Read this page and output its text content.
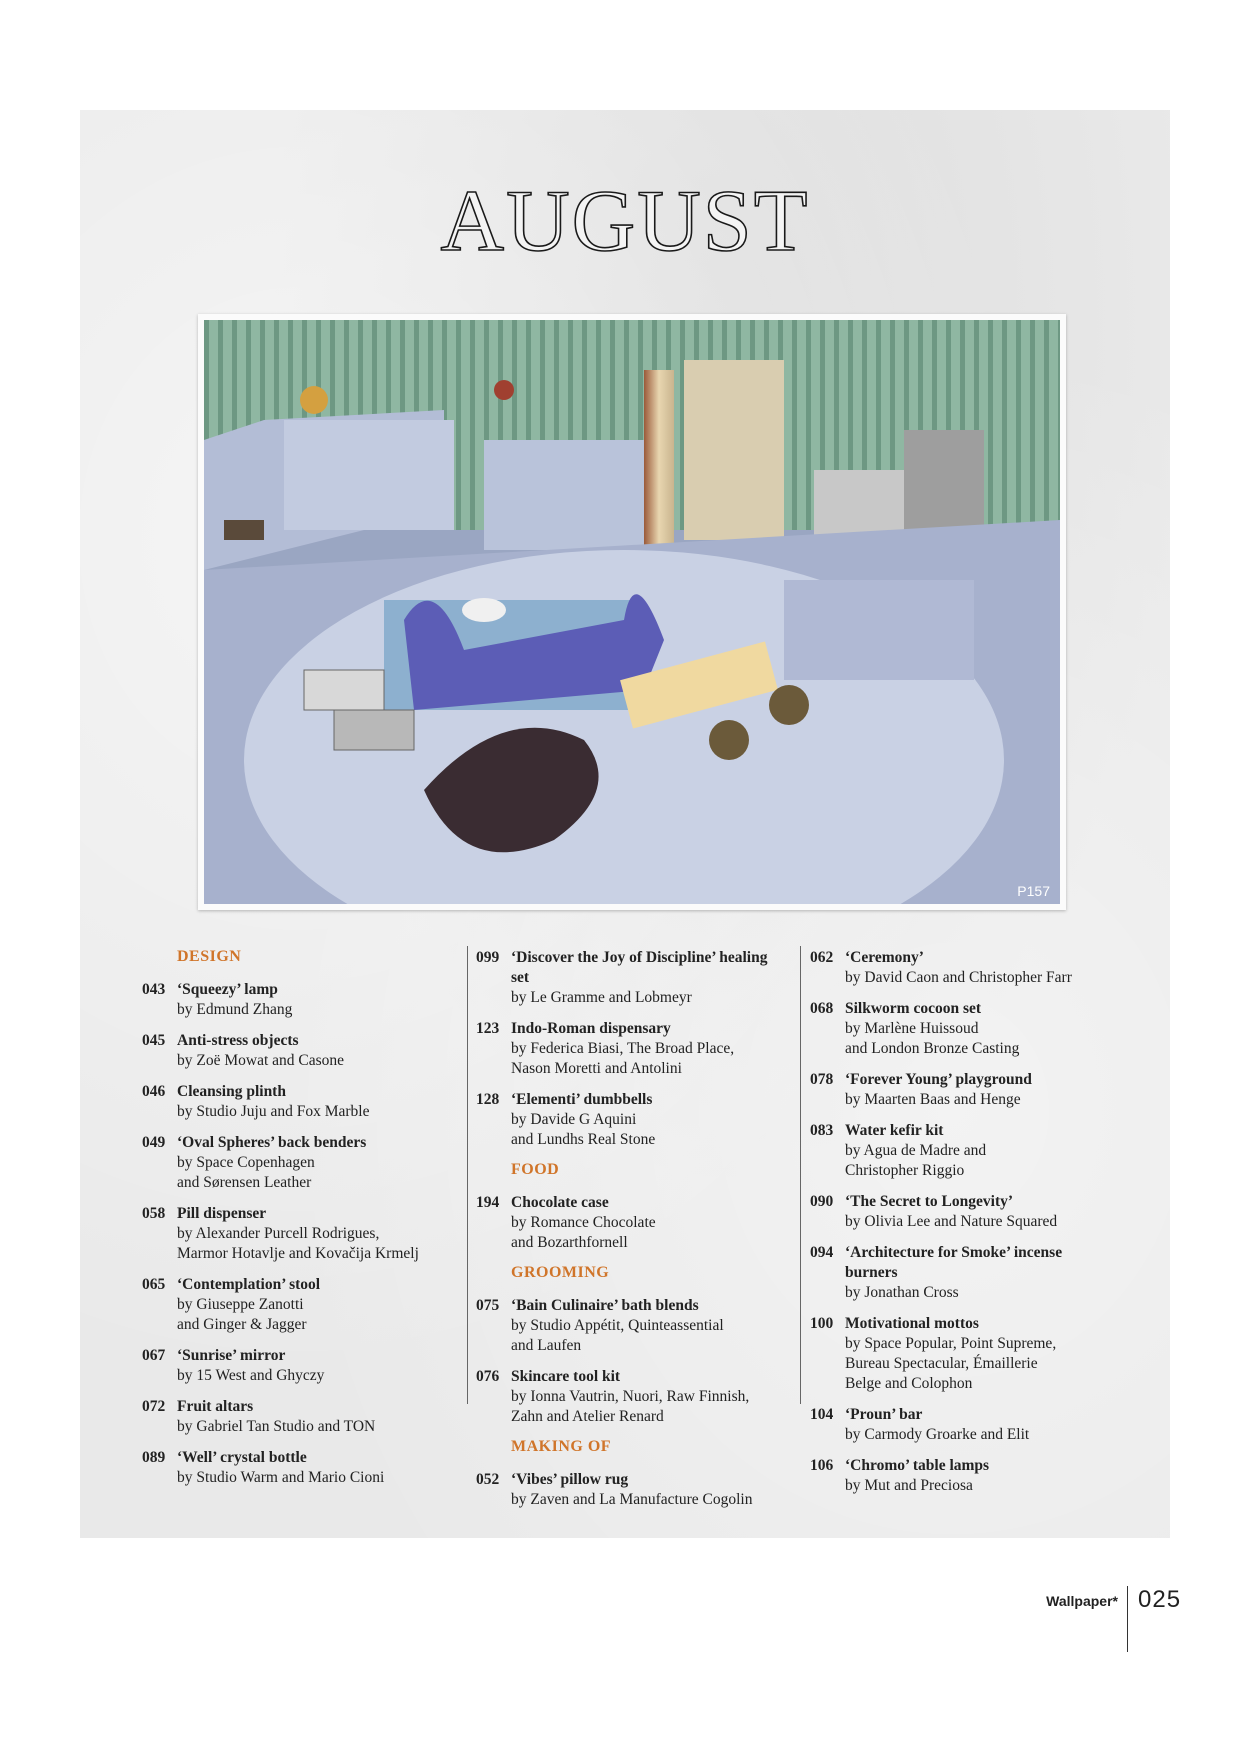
AUGUST
P157
DESIGN
043 ‘Squeezy’ lamp
by Edmund Zhang
045 Anti-stress objects
by Zoë Mowat and Casone
046 Cleansing plinth
by Studio Juju and Fox Marble
049 ‘Oval Spheres’ back benders
by Space Copenhagen
and Sørensen Leather
058 Pill dispenser
by Alexander Purcell Rodrigues,
Marmor Hotavlje and Kovačija Krmelj
065 ‘Contemplation’ stool
by Giuseppe Zanotti
and Ginger & Jagger
067 ‘Sunrise’ mirror
by 15 West and Ghyczy
072 Fruit altars
by Gabriel Tan Studio and TON
089 ‘Well’ crystal bottle
by Studio Warm and Mario Cioni
099 ‘Discover the Joy of Discipline’ healing set
by Le Gramme and Lobmeyr
123 Indo-Roman dispensary
by Federica Biasi, The Broad Place,
Nason Moretti and Antolini
128 ‘Elementi’ dumbbells
by Davide G Aquini
and Lundhs Real Stone
FOOD
194 Chocolate case
by Romance Chocolate
and Bozarthfornell
GROOMING
075 ‘Bain Culinaire’ bath blends
by Studio Appétit, Quinteassential
and Laufen
076 Skincare tool kit
by Ionna Vautrin, Nuori, Raw Finnish,
Zahn and Atelier Renard
MAKING OF
052 ‘Vibes’ pillow rug
by Zaven and La Manufacture Cogolin
062 ‘Ceremony’
by David Caon and Christopher Farr
068 Silkworm cocoon set
by Marlène Huissoud
and London Bronze Casting
078 ‘Forever Young’ playground
by Maarten Baas and Henge
083 Water kefir kit
by Agua de Madre and
Christopher Riggio
090 ‘The Secret to Longevity’
by Olivia Lee and Nature Squared
094 ‘Architecture for Smoke’ incense burners
by Jonathan Cross
100 Motivational mottos
by Space Popular, Point Supreme,
Bureau Spectacular, Émaillerie
Belge and Colophon
104 ‘Proun’ bar
by Carmody Groarke and Elit
106 ‘Chromo’ table lamps
by Mut and Preciosa
Wallpaper* 025
